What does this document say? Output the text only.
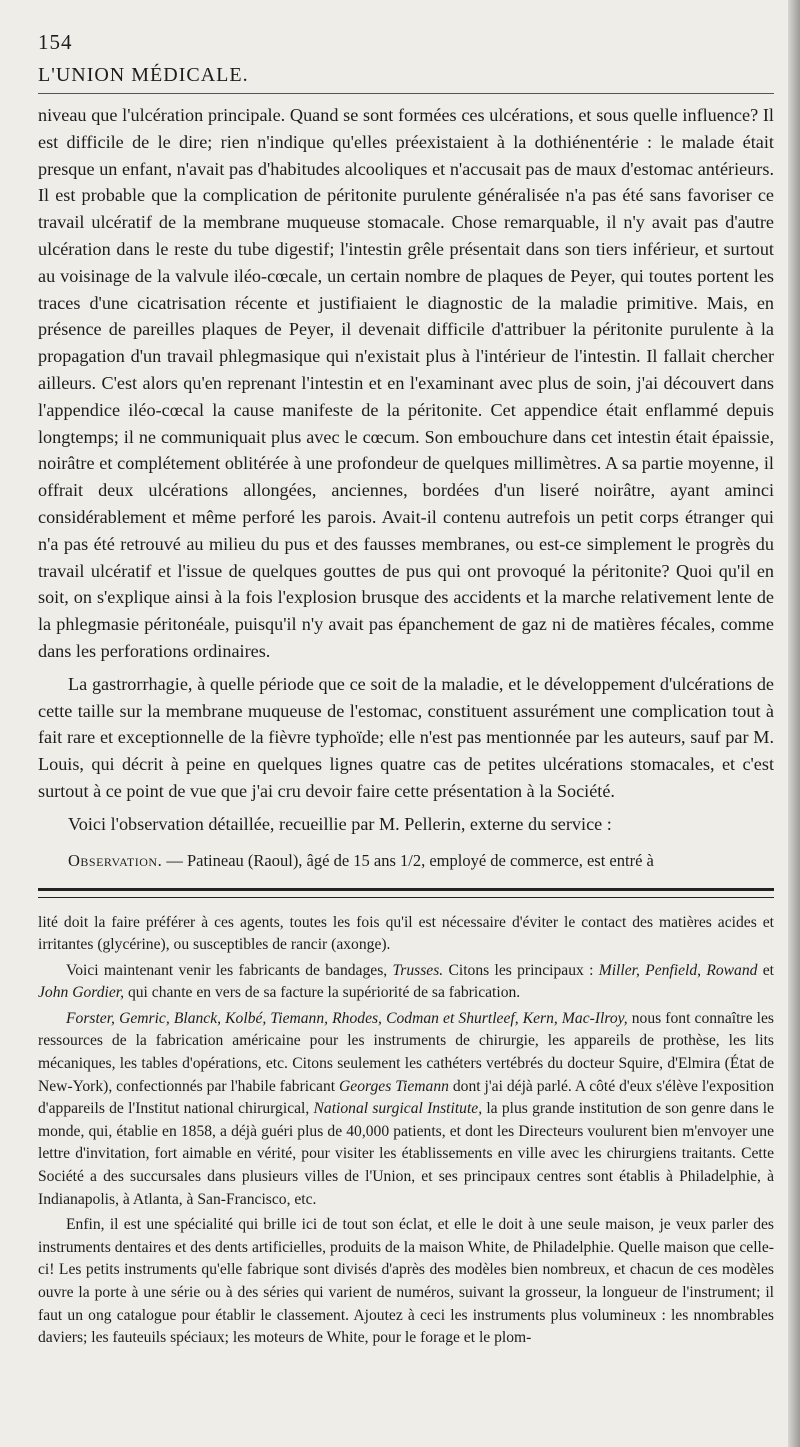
154
L'UNION MÉDICALE.

niveau que l'ulcération principale. Quand se sont formées ces ulcérations, et sous quelle influence? Il est difficile de le dire; rien n'indique qu'elles préexistaient à la dothiénentérie : le malade était presque un enfant, n'avait pas d'habitudes alcooliques et n'accusait pas de maux d'estomac antérieurs. Il est probable que la complication de péritonite purulente généralisée n'a pas été sans favoriser ce travail ulcératif de la membrane muqueuse stomacale. Chose remarquable, il n'y avait pas d'autre ulcération dans le reste du tube digestif; l'intestin grêle présentait dans son tiers inférieur, et surtout au voisinage de la valvule iléo-cœcale, un certain nombre de plaques de Peyer, qui toutes portent les traces d'une cicatrisation récente et justifiaient le diagnostic de la maladie primitive. Mais, en présence de pareilles plaques de Peyer, il devenait difficile d'attribuer la péritonite purulente à la propagation d'un travail phlegmasique qui n'existait plus à l'intérieur de l'intestin. Il fallait chercher ailleurs. C'est alors qu'en reprenant l'intestin et en l'examinant avec plus de soin, j'ai découvert dans l'appendice iléo-cœcal la cause manifeste de la péritonite. Cet appendice était enflammé depuis longtemps; il ne communiquait plus avec le cœcum. Son embouchure dans cet intestin était épaissie, noirâtre et complétement oblitérée à une profondeur de quelques millimètres. A sa partie moyenne, il offrait deux ulcérations allongées, anciennes, bordées d'un liseré noirâtre, ayant aminci considérablement et même perforé les parois. Avait-il contenu autrefois un petit corps étranger qui n'a pas été retrouvé au milieu du pus et des fausses membranes, ou est-ce simplement le progrès du travail ulcératif et l'issue de quelques gouttes de pus qui ont provoqué la péritonite? Quoi qu'il en soit, on s'explique ainsi à la fois l'explosion brusque des accidents et la marche relativement lente de la phlegmasie péritonéale, puisqu'il n'y avait pas épanchement de gaz ni de matières fécales, comme dans les perforations ordinaires.

La gastrorrhagie, à quelle période que ce soit de la maladie, et le développement d'ulcérations de cette taille sur la membrane muqueuse de l'estomac, constituent assurément une complication tout à fait rare et exceptionnelle de la fièvre typhoïde; elle n'est pas mentionnée par les auteurs, sauf par M. Louis, qui décrit à peine en quelques lignes quatre cas de petites ulcérations stomacales, et c'est surtout à ce point de vue que j'ai cru devoir faire cette présentation à la Société.

Voici l'observation détaillée, recueillie par M. Pellerin, externe du service :

Observation. — Patineau (Raoul), âgé de 15 ans 1/2, employé de commerce, est entré à

lité doit la faire préférer à ces agents, toutes les fois qu'il est nécessaire d'éviter le contact des matières acides et irritantes (glycérine), ou susceptibles de rancir (axonge).

Voici maintenant venir les fabricants de bandages, Trusses. Citons les principaux : Miller, Penfield, Rowand et John Gordier, qui chante en vers de sa facture la supériorité de sa fabrication.

Forster, Gemric, Blanck, Kolbé, Tiemann, Rhodes, Codman et Shurtleef, Kern, Mac-Ilroy, nous font connaître les ressources de la fabrication américaine pour les instruments de chirurgie, les appareils de prothèse, les lits mécaniques, les tables d'opérations, etc. Citons seulement les cathéters vertébrés du docteur Squire, d'Elmira (État de New-York), confectionnés par l'habile fabricant Georges Tiemann dont j'ai déjà parlé. A côté d'eux s'élève l'exposition d'appareils de l'Institut national chirurgical, National surgical Institute, la plus grande institution de son genre dans le monde, qui, établie en 1858, a déjà guéri plus de 40,000 patients, et dont les Directeurs voulurent bien m'envoyer une lettre d'invitation, fort aimable en vérité, pour visiter les établissements en ville avec les chirurgiens traitants. Cette Société a des succursales dans plusieurs villes de l'Union, et ses principaux centres sont établis à Philadelphie, à Indianapolis, à Atlanta, à San-Francisco, etc.

Enfin, il est une spécialité qui brille ici de tout son éclat, et elle le doit à une seule maison, je veux parler des instruments dentaires et des dents artificielles, produits de la maison White, de Philadelphie. Quelle maison que celle-ci! Les petits instruments qu'elle fabrique sont divisés d'après des modèles bien nombreux, et chacun de ces modèles ouvre la porte à une série ou à des séries qui varient de numéros, suivant la grosseur, la longueur de l'instrument; il faut un ong catalogue pour établir le classement. Ajoutez à ceci les instruments plus volumineux : les nnombrables daviers; les fauteuils spéciaux; les moteurs de White, pour le forage et le plom-
